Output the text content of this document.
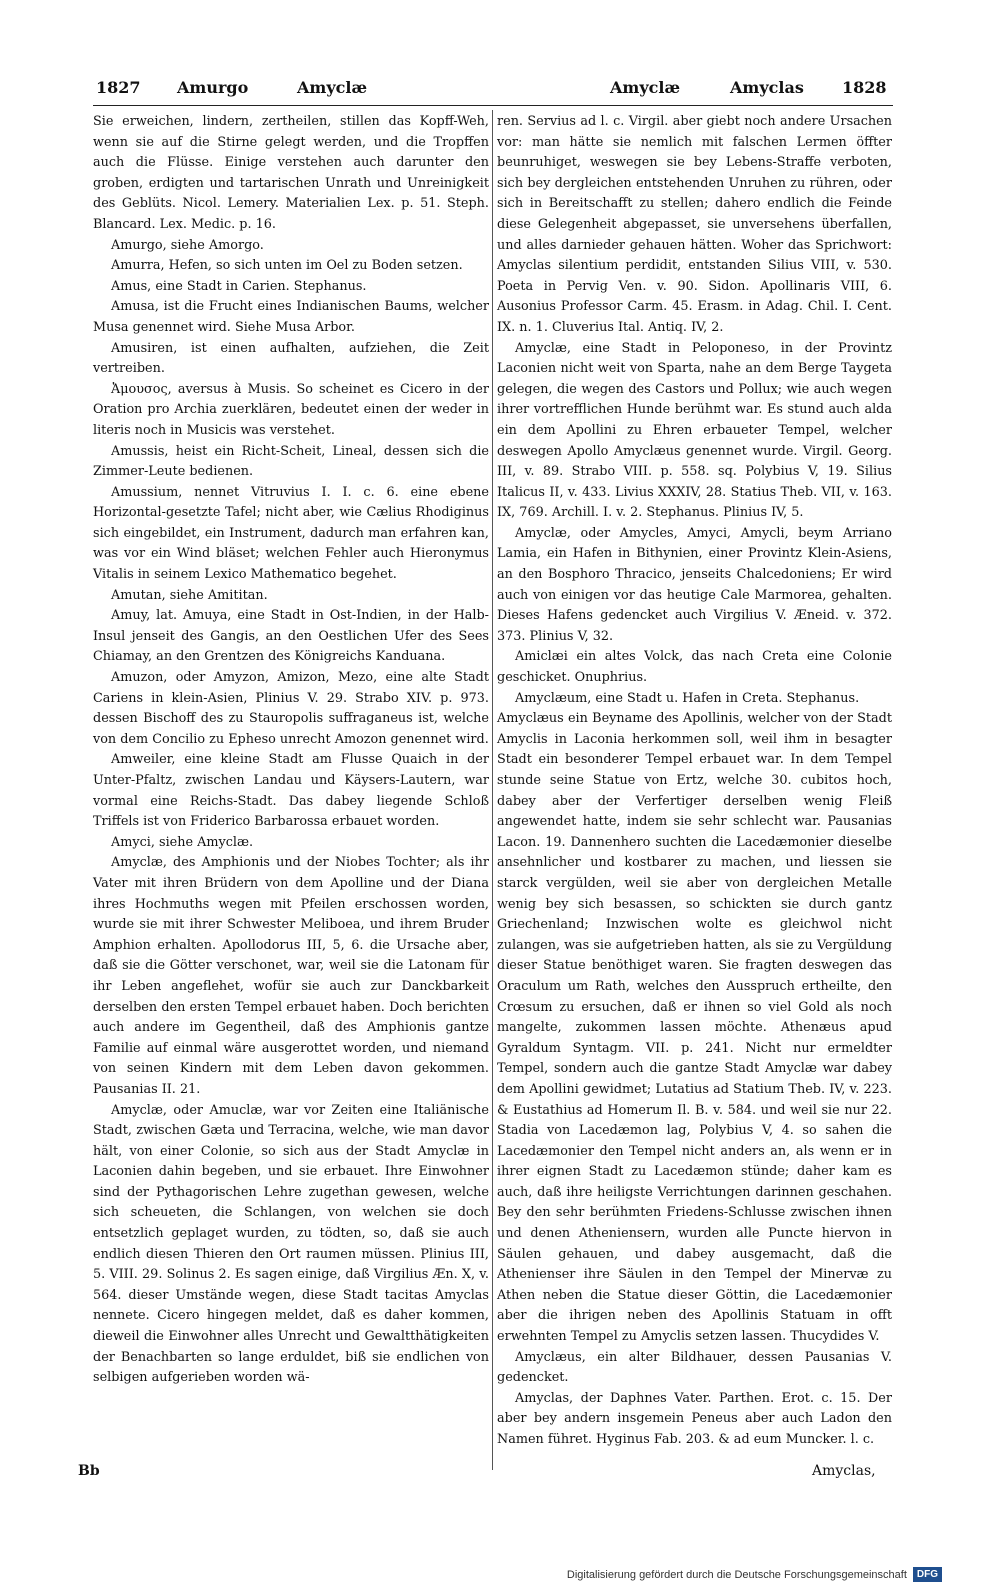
1827 Amurgo	Amyclæ	Amyclæ	Amyclas 1828

Sie erweichen, lindern, zertheilen, stillen das Kopff-Weh, wenn sie auf die Stirne gelegt werden, und die Tropffen auch die Flüsse. Einige verstehen auch darunter den groben, erdigten und tartarischen Unrath und Unreinigkeit des Geblüts. Nicol. Lemery. Materialien Lex. p. 51. Steph. Blancard. Lex. Medic. p. 16.

Amurgo, siehe Amorgo.

Amurra, Hefen, so sich unten im Oel zu Boden setzen.

Amus, eine Stadt in Carien. Stephanus.

Amusa, ist die Frucht eines Indianischen Baums, welcher Musa genennet wird. Siehe Musa Arbor.

Amusiren, ist einen aufhalten, aufziehen, die Zeit vertreiben.

Ἀμουσος, aversus à Musis. So scheinet es Cicero in der Oration pro Archia zuerklären, bedeutet einen der weder in literis noch in Musicis was verstehet.

Amussis, heist ein Richt-Scheit, Lineal, dessen sich die Zimmer-Leute bedienen.

Amussium, nennet Vitruvius I. I. c. 6. eine ebene Horizontal-gesetzte Tafel; nicht aber, wie Cælius Rhodiginus sich eingebildet, ein Instrument, dadurch man erfahren kan, was vor ein Wind bläset; welchen Fehler auch Hieronymus Vitalis in seinem Lexico Mathematico begehet.

Amutan, siehe Amititan.

Amuy, lat. Amuya, eine Stadt in Ost-Indien, in der Halb-Insul jenseit des Gangis, an den Oestlichen Ufer des Sees Chiamay, an den Grentzen des Königreichs Kanduana.

Amuzon, oder Amyzon, Amizon, Mezo, eine alte Stadt Cariens in klein-Asien, Plinius V. 29. Strabo XIV. p. 973. dessen Bischoff des zu Stauropolis suffraganeus ist, welche von dem Concilio zu Epheso unrecht Amozon genennet wird.

Amweiler, eine kleine Stadt am Flusse Quaich in der Unter-Pfaltz, zwischen Landau und Käysers-Lautern, war vormal eine Reichs-Stadt. Das dabey liegende Schloß Triffels ist von Friderico Barbarossa erbauet worden.

Amyci, siehe Amyclæ.

Amyclæ, des Amphionis und der Niobes Tochter; als ihr Vater mit ihren Brüdern von dem Apolline und der Diana ihres Hochmuths wegen mit Pfeilen erschossen worden, wurde sie mit ihrer Schwester Meliboea, und ihrem Bruder Amphion erhalten. Apollodorus III, 5, 6. die Ursache aber, daß sie die Götter verschonet, war, weil sie die Latonam für ihr Leben angeflehet, wofür sie auch zur Danckbarkeit derselben den ersten Tempel erbauet haben. Doch berichten auch andere im Gegentheil, daß des Amphionis gantze Familie auf einmal wäre ausgerottet worden, und niemand von seinen Kindern mit dem Leben davon gekommen. Pausanias II. 21.

Amyclæ, oder Amuclæ, war vor Zeiten eine Italiänische Stadt, zwischen Gæta und Terracina, welche, wie man davor hält, von einer Colonie, so sich aus der Stadt Amyclæ in Laconien dahin begeben, und sie erbauet. Ihre Einwohner sind der Pythagorischen Lehre zugethan gewesen, welche sich scheueten, die Schlangen, von welchen sie doch entsetzlich geplaget wurden, zu tödten, so, daß sie auch endlich diesen Thieren den Ort raumen müssen. Plinius III, 5. VIII. 29. Solinus 2. Es sagen einige, daß Virgilius Æn. X, v. 564. dieser Umstände wegen, diese Stadt tacitas Amyclas nennete. Cicero hingegen meldet, daß es daher kommen, dieweil die Einwohner alles Unrecht und Gewaltthätigkeiten der Benachbarten so lange erduldet, biß sie endlichen von selbigen aufgerieben worden wä-

ren. Servius ad l. c. Virgil. aber giebt noch andere Ursachen vor: man hätte sie nemlich mit falschen Lermen öffter beunruhiget, weswegen sie bey Lebens-Straffe verboten, sich bey dergleichen entstehenden Unruhen zu rühren, oder sich in Bereitschafft zu stellen; dahero endlich die Feinde diese Gelegenheit abgepasset, sie unversehens überfallen, und alles darnieder gehauen hätten. Woher das Sprichwort: Amyclas silentium perdidit, entstanden Silius VIII, v. 530. Poeta in Pervig Ven. v. 90. Sidon. Apollinaris VIII, 6. Ausonius Professor Carm. 45. Erasm. in Adag. Chil. I. Cent. IX. n. 1. Cluverius Ital. Antiq. IV, 2.

Amyclæ, eine Stadt in Peloponeso, in der Provintz Laconien nicht weit von Sparta, nahe an dem Berge Taygeta gelegen, die wegen des Castors und Pollux; wie auch wegen ihrer vortrefflichen Hunde berühmt war. Es stund auch alda ein dem Apollini zu Ehren erbaueter Tempel, welcher deswegen Apollo Amyclæus genennet wurde. Virgil. Georg. III, v. 89. Strabo VIII. p. 558. sq. Polybius V, 19. Silius Italicus II, v. 433. Livius XXXIV, 28. Statius Theb. VII, v. 163. IX, 769. Archill. I. v. 2. Stephanus. Plinius IV, 5.

Amyclæ, oder Amycles, Amyci, Amycli, beym Arriano Lamia, ein Hafen in Bithynien, einer Provintz Klein-Asiens, an den Bosphoro Thracico, jenseits Chalcedoniens; Er wird auch von einigen vor das heutige Cale Marmorea, gehalten. Dieses Hafens gedencket auch Virgilius V. Æneid. v. 372. 373. Plinius V, 32.

Amiclæi ein altes Volck, das nach Creta eine Colonie geschicket. Onuphrius.

Amyclæum, eine Stadt u. Hafen in Creta. Stephanus.

Amyclæus ein Beyname des Apollinis, welcher von der Stadt Amyclis in Laconia herkommen soll, weil ihm in besagter Stadt ein besonderer Tempel erbauet war. In dem Tempel stunde seine Statue von Ertz, welche 30. cubitos hoch, dabey aber der Verfertiger derselben wenig Fleiß angewendet hatte, indem sie sehr schlecht war. Pausanias Lacon. 19. Dannenhero suchten die Lacedæmonier dieselbe ansehnlicher und kostbarer zu machen, und liessen sie starck vergülden, weil sie aber von dergleichen Metalle wenig bey sich besassen, so schickten sie durch gantz Griechenland; Inzwischen wolte es gleichwol nicht zulangen, was sie aufgetrieben hatten, als sie zu Vergüldung dieser Statue benöthiget waren. Sie fragten deswegen das Oraculum um Rath, welches den Ausspruch ertheilte, den Crœsum zu ersuchen, daß er ihnen so viel Gold als noch mangelte, zukommen lassen möchte. Athenæus apud Gyraldum Syntagm. VII. p. 241. Nicht nur ermeldter Tempel, sondern auch die gantze Stadt Amyclæ war dabey dem Apollini gewidmet; Lutatius ad Statium Theb. IV, v. 223. & Eustathius ad Homerum Il. B. v. 584. und weil sie nur 22. Stadia von Lacedæmon lag, Polybius V, 4. so sahen die Lacedæmonier den Tempel nicht anders an, als wenn er in ihrer eignen Stadt zu Lacedæmon stünde; daher kam es auch, daß ihre heiligste Verrichtungen darinnen geschahen. Bey den sehr berühmten Friedens-Schlusse zwischen ihnen und denen Atheniensern, wurden alle Puncte hiervon in Säulen gehauen, und dabey ausgemacht, daß die Athenienser ihre Säulen in den Tempel der Minervæ zu Athen neben die Statue dieser Göttin, die Lacedæmonier aber die ihrigen neben des Apollinis Statuam in offt erwehnten Tempel zu Amyclis setzen lassen. Thucydides V.

Amyclæus, ein alter Bildhauer, dessen Pausanias V. gedencket.

Amyclas, der Daphnes Vater. Parthen. Erot. c. 15. Der aber bey andern insgemein Peneus aber auch Ladon den Namen führet. Hyginus Fab. 203. & ad eum Muncker. l. c.

Bb	Amyclas,
Digitalisierung gefördert durch die Deutsche Forschungsgemeinschaft	DFG
